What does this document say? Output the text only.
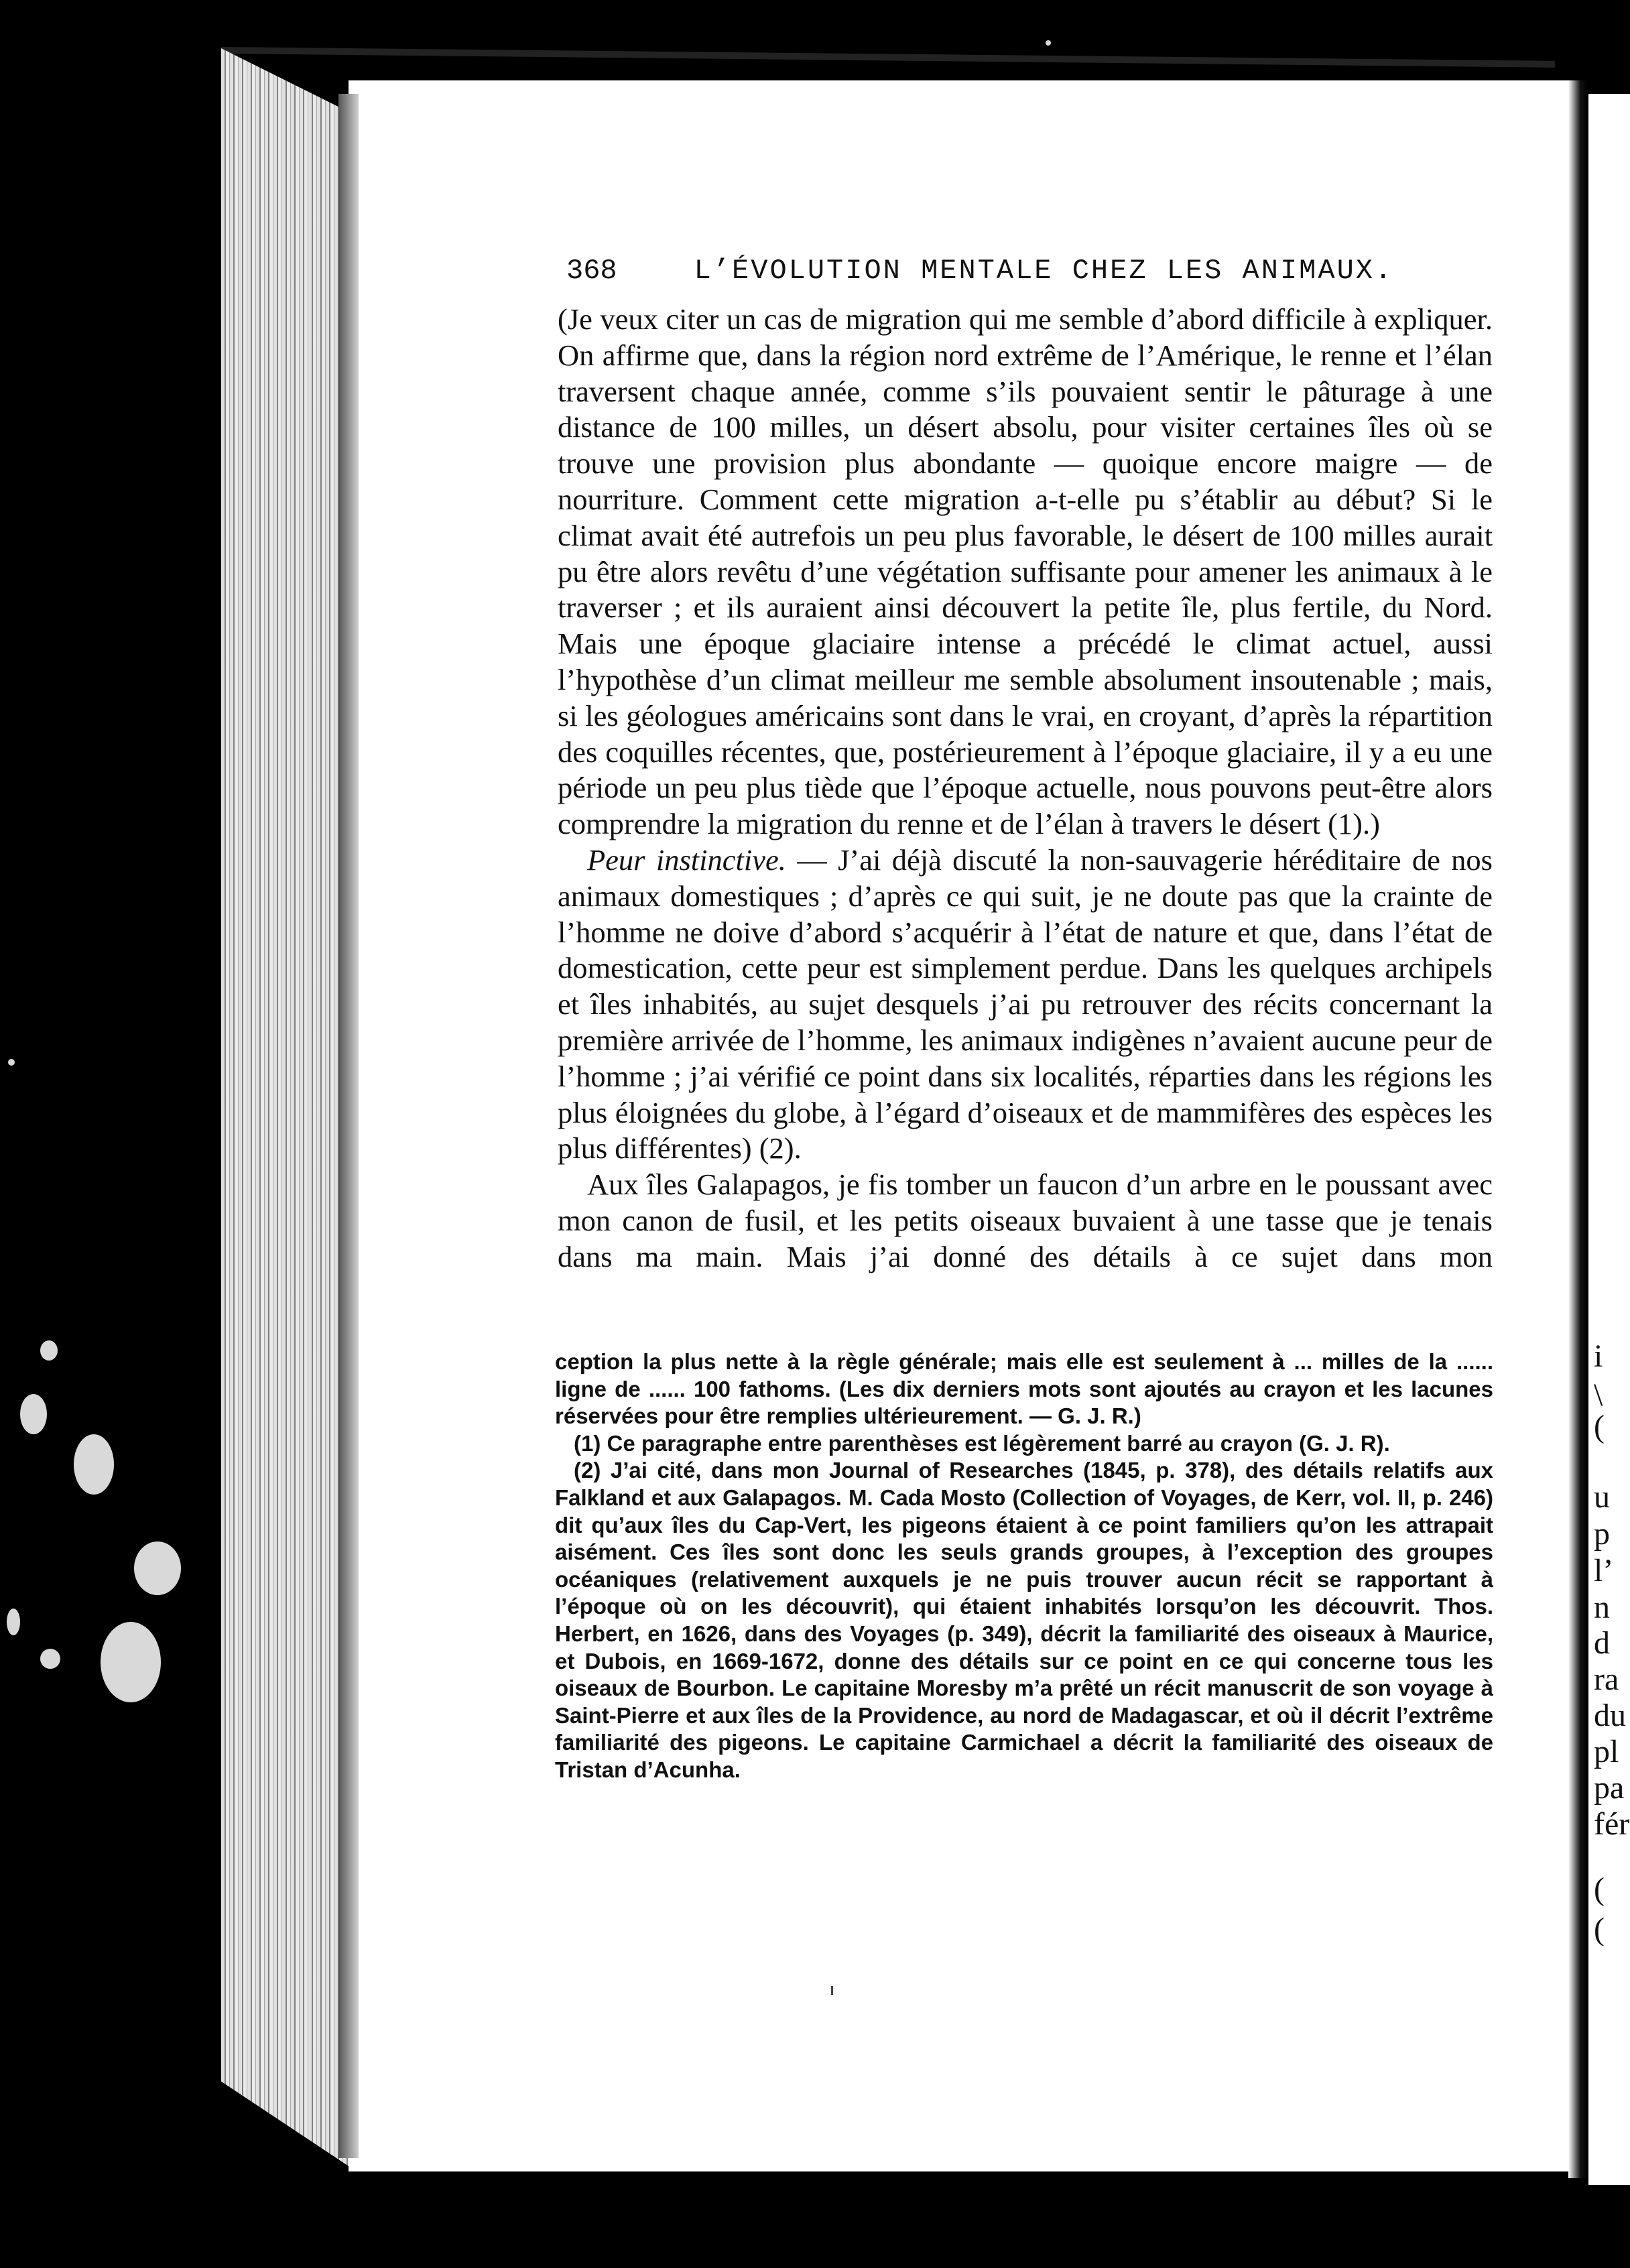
i
\
(
u
p
l’
n
d
ra
du
pl
pa
fér
(
(
368	L’ÉVOLUTION MENTALE CHEZ LES ANIMAUX.

(Je veux citer un cas de migration qui me semble d’abord difficile à expliquer. On affirme que, dans la région nord extrême de l’Amérique, le renne et l’élan traversent chaque année, comme s’ils pouvaient sentir le pâturage à une distance de 100 milles, un désert absolu, pour visiter certaines îles où se trouve une provision plus abondante — quoique encore maigre — de nourriture. Comment cette migration a-t-elle pu s’établir au début? Si le climat avait été autrefois un peu plus favorable, le désert de 100 milles aurait pu être alors revêtu d’une végétation suffisante pour amener les animaux à le traverser ; et ils auraient ainsi découvert la petite île, plus fertile, du Nord. Mais une époque glaciaire intense a précédé le climat actuel, aussi l’hypothèse d’un climat meilleur me semble absolument insoutenable ; mais, si les géologues américains sont dans le vrai, en croyant, d’après la répartition des coquilles récentes, que, postérieurement à l’époque glaciaire, il y a eu une période un peu plus tiède que l’époque actuelle, nous pouvons peut-être alors comprendre la migration du renne et de l’élan à travers le désert (1).)

Peur instinctive. — J’ai déjà discuté la non-sauvagerie héréditaire de nos animaux domestiques ; d’après ce qui suit, je ne doute pas que la crainte de l’homme ne doive d’abord s’acquérir à l’état de nature et que, dans l’état de domestication, cette peur est simplement perdue. Dans les quelques archipels et îles inhabités, au sujet desquels j’ai pu retrouver des récits concernant la première arrivée de l’homme, les animaux indigènes n’avaient aucune peur de l’homme ; j’ai vérifié ce point dans six localités, réparties dans les régions les plus éloignées du globe, à l’égard d’oiseaux et de mammifères des espèces les plus différentes) (2).

Aux îles Galapagos, je fis tomber un faucon d’un arbre en le poussant avec mon canon de fusil, et les petits oiseaux buvaient à une tasse que je tenais dans ma main. Mais j’ai donné des détails à ce sujet dans mon

ception la plus nette à la règle générale; mais elle est seulement à ... milles de la ...... ligne de ...... 100 fathoms. (Les dix derniers mots sont ajoutés au crayon et les lacunes réservées pour être remplies ultérieurement. — G. J. R.)

(1) Ce paragraphe entre parenthèses est légèrement barré au crayon (G. J. R).

(2) J’ai cité, dans mon Journal of Researches (1845, p. 378), des détails relatifs aux Falkland et aux Galapagos. M. Cada Mosto (Collection of Voyages, de Kerr, vol. II, p. 246) dit qu’aux îles du Cap-Vert, les pigeons étaient à ce point familiers qu’on les attrapait aisément. Ces îles sont donc les seuls grands groupes, à l’exception des groupes océaniques (relativement auxquels je ne puis trouver aucun récit se rapportant à l’époque où on les découvrit), qui étaient inhabités lorsqu’on les découvrit. Thos. Herbert, en 1626, dans des Voyages (p. 349), décrit la familiarité des oiseaux à Maurice, et Dubois, en 1669-1672, donne des détails sur ce point en ce qui concerne tous les oiseaux de Bourbon. Le capitaine Moresby m’a prêté un récit manuscrit de son voyage à Saint-Pierre et aux îles de la Providence, au nord de Madagascar, et où il décrit l’extrême familiarité des pigeons. Le capitaine Carmichael a décrit la familiarité des oiseaux de Tristan d’Acunha.
